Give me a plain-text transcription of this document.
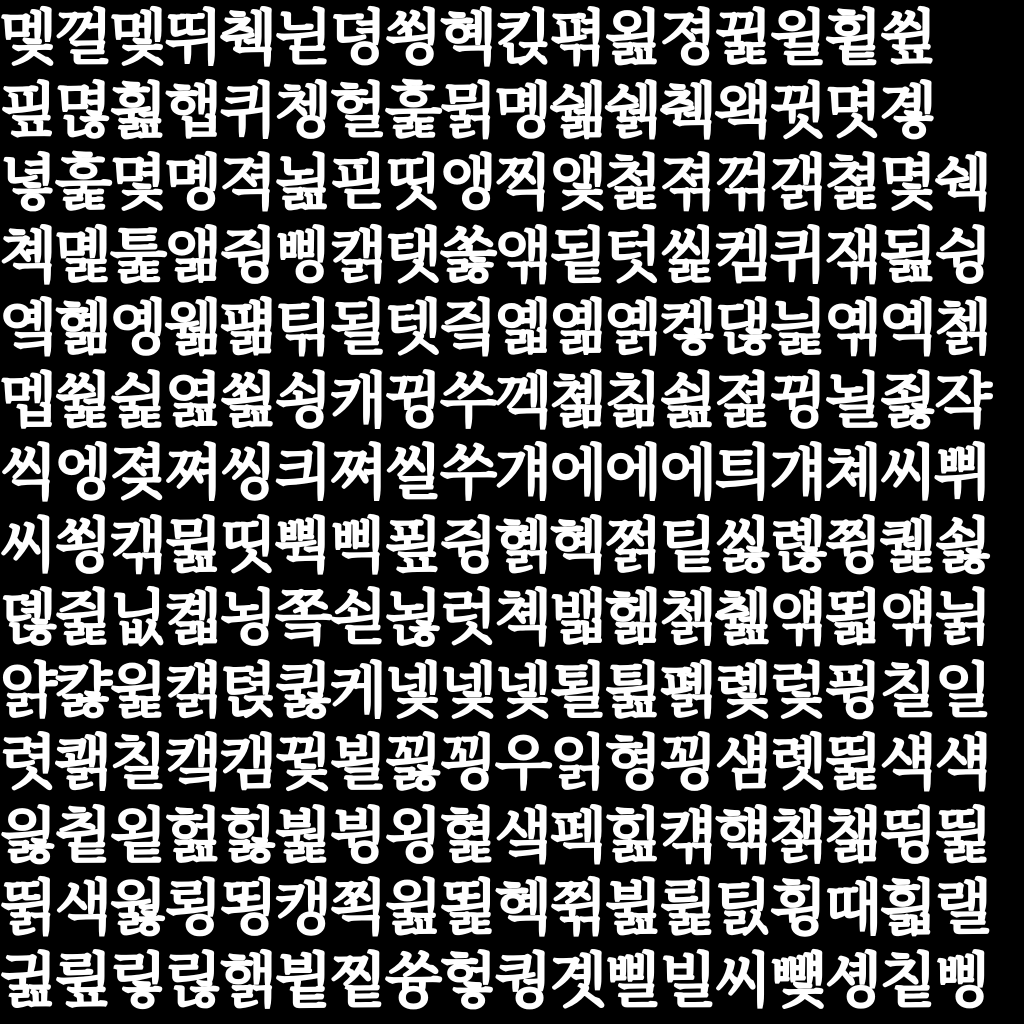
멫껄멫뛰췍뉟뎡쑁혝킩펶욆졍뀙윌휱쓒
핖멶훮햅퀴쳉헐훑뮑몡쉚쉙췍왝뀟몃곟
녛훑몇몡젹뇚핃띳앵찍앷첥젺꺾갥쳝몇쉑
쳭몙툹앪쥥삥캙탯쏧앢됱텃씵켐퀴잮됦슁
옠혦옝웲퍪틲될텟즼옓옒옑켛댆늹옊옉첽
멥쒍쉹엺쐺쇵캐뀡쑤껙쳶칢쇮졅뀡뇔죓쟉
씩엥졎쪄씽킈쪄씰쑤걔에에에틔걔쳬씨쀠
씨쑁캒뮖띳뿩삑푚쥥혥혝쩕팉씷롆쮱퀥쇯
뎮쥝닚콃뇡쫔쇧뇒럿쳭밻헮첽췚얚뙯얚뉡
얅캻윑컑텭큃케넻넻넻퇼튎폙롗렃퓡칠일
렷쾕칠캨캠뀣뵐꾏꾕우읽형꾕섐롓뛽섁섁
읧츁욑헖힗붩뷩욍혍샠펙힖컊햮챍챎뜅뛽
뛹색웛룅뙹캥쬑윒뙱혝쮞뷢륉틼휭때흷랠
귎륖맇릲핽뷭찥쓩헣퀑곗삘빌씨뻋솅칱삥
